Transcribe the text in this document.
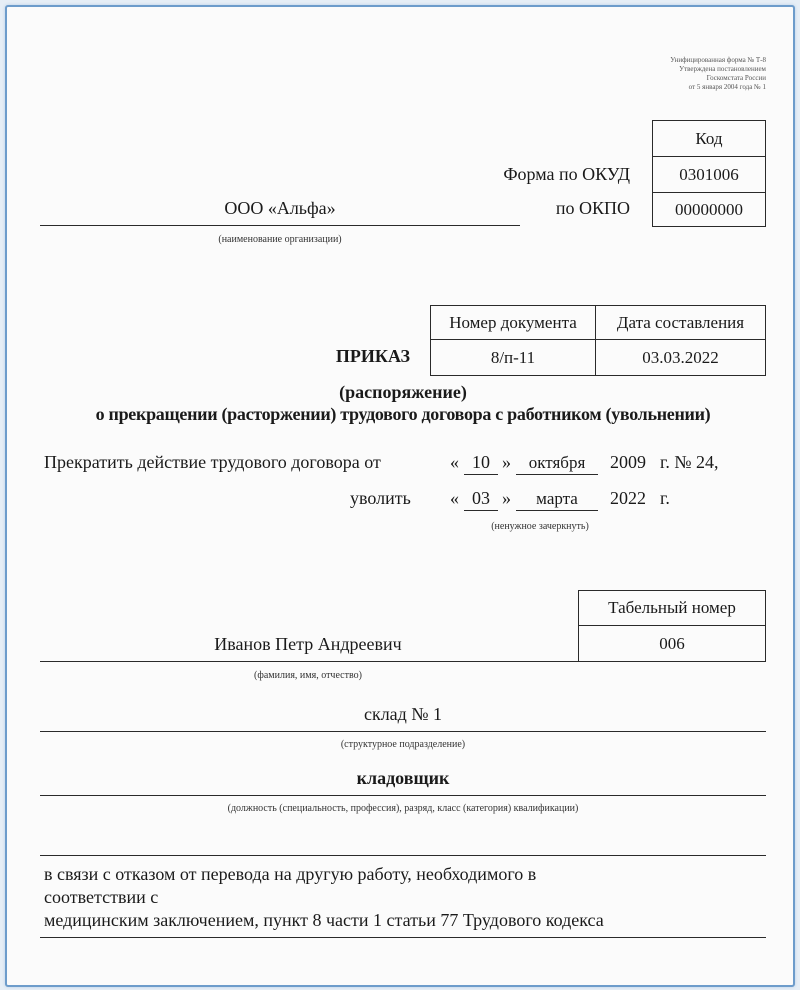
Унифицированная форма № Т-8
Утверждена постановлением
Госкомстата России
от 5 января 2004 года № 1
Код
0301006
00000000
Форма по ОКУД
по ОКПО
ООО «Альфа»
(наименование организации)
Номер документа	Дата составления
8/п-11	03.03.2022
ПРИКАЗ
(распоряжение)
о прекращении (расторжении) трудового договора с работником (увольнении)
Прекратить действие трудового договора от	« 10 »	октября	2009 г. № 24,
уволить « 03 »	марта	2022 г.
(ненужное зачеркнуть)
Табельный номер
006
Иванов Петр Андреевич
(фамилия, имя, отчество)
склад № 1
(структурное подразделение)
кладовщик
(должность (специальность, профессия), разряд, класс (категория) квалификации)
в связи с отказом от перевода на другую работу, необходимого в
соответствии с
медицинским заключением, пункт 8 части 1 статьи 77 Трудового кодекса
